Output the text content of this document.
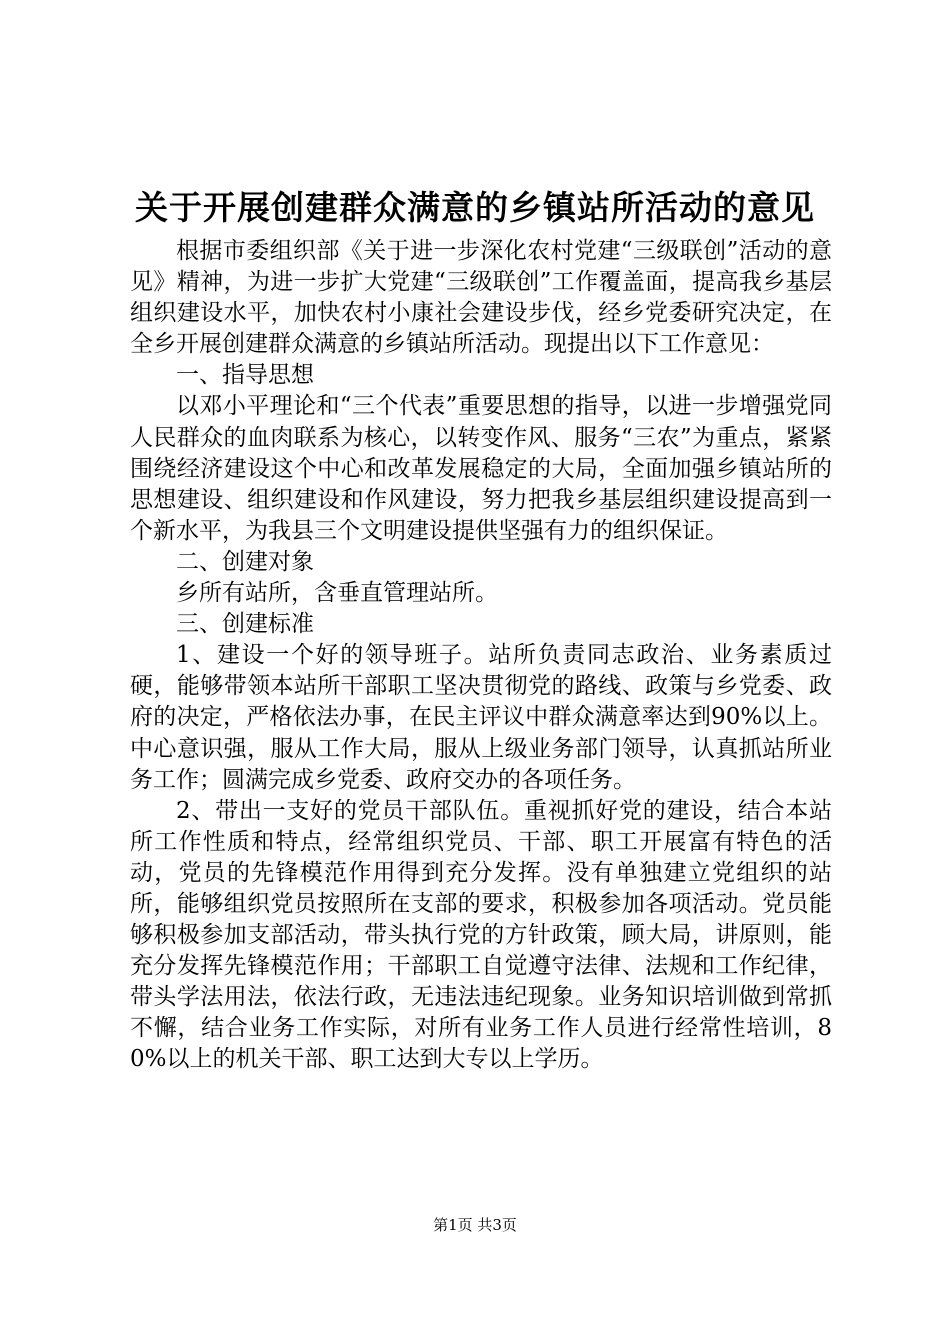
关于开展创建群众满意的乡镇站所活动的意见

根据市委组织部《关于进一步深化农村党建“三级联创”活动的意见》精神，为进一步扩大党建“三级联创”工作覆盖面，提高我乡基层组织建设水平，加快农村小康社会建设步伐，经乡党委研究决定，在全乡开展创建群众满意的乡镇站所活动。现提出以下工作意见：

一、指导思想

以邓小平理论和“三个代表”重要思想的指导，以进一步增强党同人民群众的血肉联系为核心，以转变作风、服务“三农”为重点，紧紧围绕经济建设这个中心和改革发展稳定的大局，全面加强乡镇站所的思想建设、组织建设和作风建设，努力把我乡基层组织建设提高到一个新水平，为我县三个文明建设提供坚强有力的组织保证。

二、创建对象

乡所有站所，含垂直管理站所。

三、创建标准

1、建设一个好的领导班子。站所负责同志政治、业务素质过硬，能够带领本站所干部职工坚决贯彻党的路线、政策与乡党委、政府的决定，严格依法办事，在民主评议中群众满意率达到90%以上。中心意识强，服从工作大局，服从上级业务部门领导，认真抓站所业务工作；圆满完成乡党委、政府交办的各项任务。

2、带出一支好的党员干部队伍。重视抓好党的建设，结合本站所工作性质和特点，经常组织党员、干部、职工开展富有特色的活动，党员的先锋模范作用得到充分发挥。没有单独建立党组织的站所，能够组织党员按照所在支部的要求，积极参加各项活动。党员能够积极参加支部活动，带头执行党的方针政策，顾大局，讲原则，能充分发挥先锋模范作用；干部职工自觉遵守法律、法规和工作纪律，带头学法用法，依法行政，无违法违纪现象。业务知识培训做到常抓不懈，结合业务工作实际，对所有业务工作人员进行经常性培训，80%以上的机关干部、职工达到大专以上学历。

第1页 共3页
